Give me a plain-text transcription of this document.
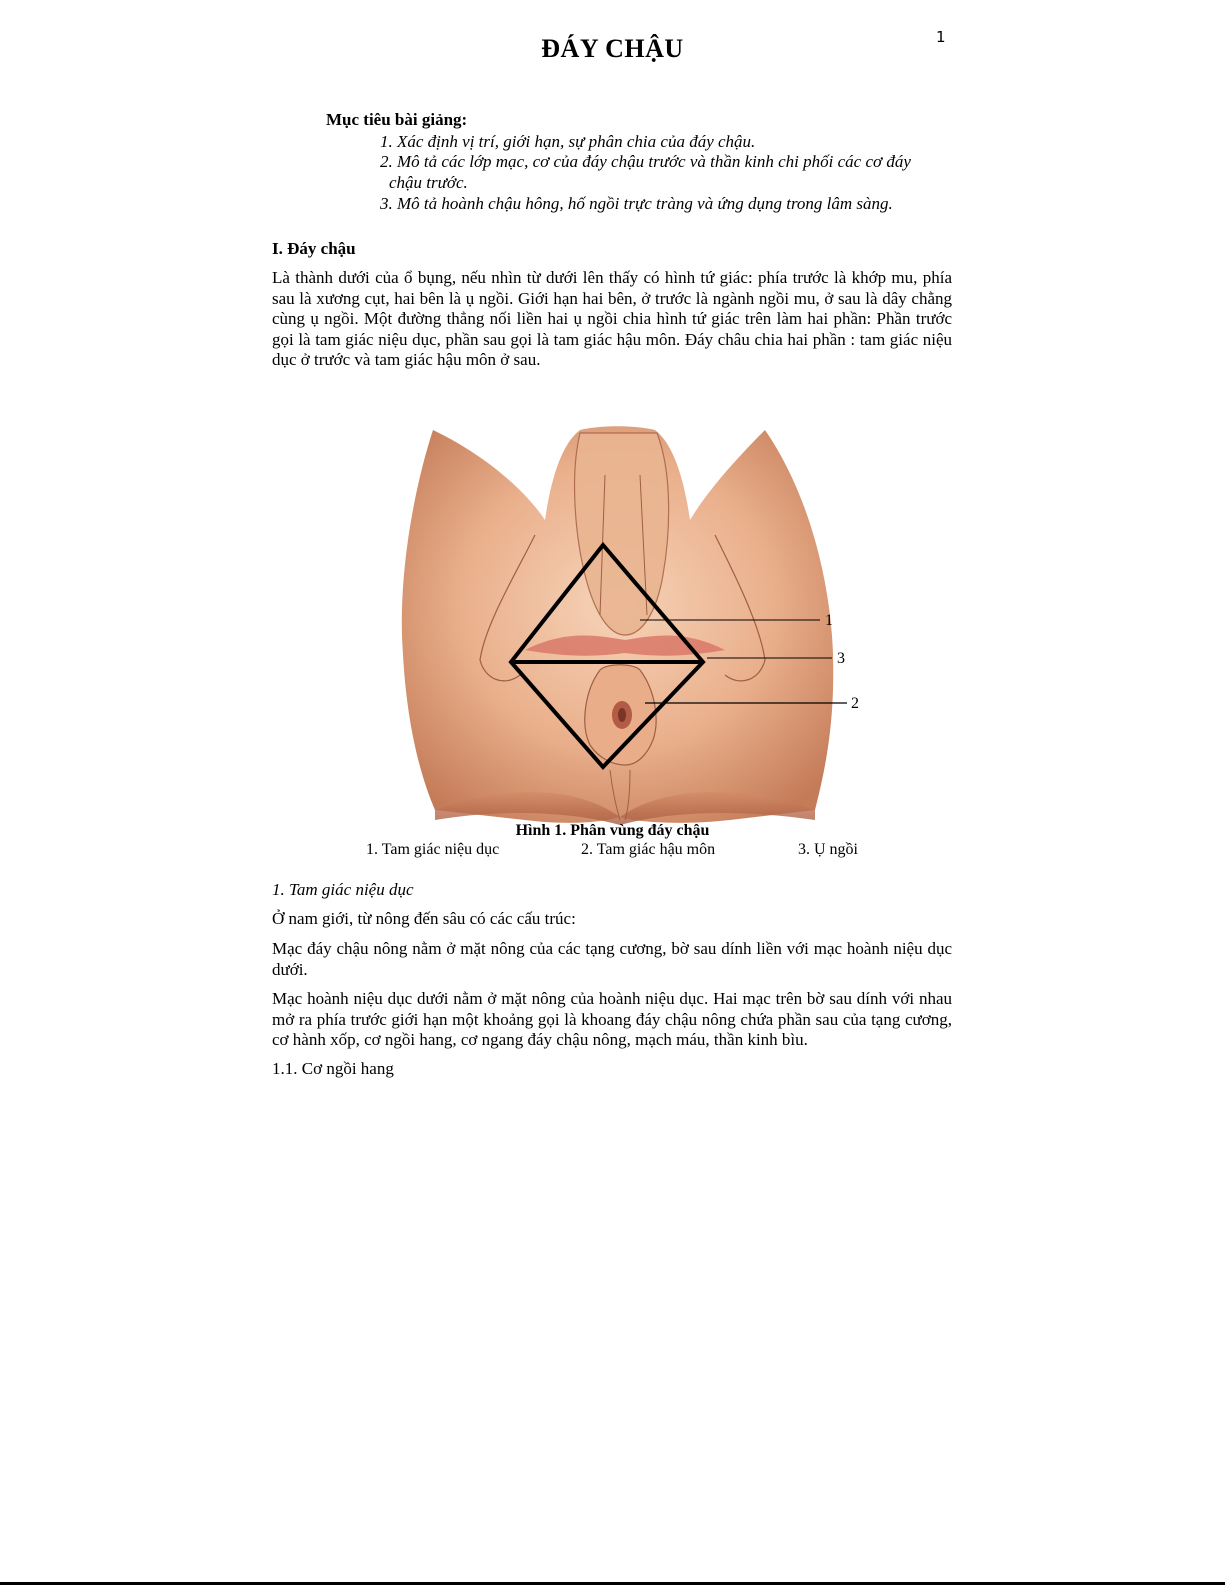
1
ĐÁY CHẬU
Mục tiêu bài giảng:
1. Xác định vị trí, giới hạn, sự phân chia của đáy chậu.
2. Mô tả các lớp mạc, cơ của đáy chậu trước và thần kinh chi phối các cơ đáy
chậu trước.
3. Mô tả hoành chậu hông, hố ngồi trực tràng và ứng dụng trong lâm sàng.
I. Đáy chậu
Là thành dưới của ổ bụng, nếu nhìn từ dưới lên thấy có hình tứ giác: phía trước là khớp mu, phía sau là xương cụt, hai bên là ụ ngồi. Giới hạn hai bên, ở trước là ngành ngồi mu, ở sau là dây chằng cùng ụ ngồi. Một đường thẳng nối liền hai ụ ngồi chia hình tứ giác trên làm hai phần: Phần trước gọi là tam giác niệu dục, phần sau gọi là tam giác hậu môn. Đáy châu chia hai phần : tam giác niệu dục ở trước và tam giác hậu môn ở sau.
1
3
2
Hình 1. Phân vùng đáy chậu
1. Tam giác niệu dục	2. Tam giác hậu môn	3. Ụ ngồi
1. Tam giác niệu dục
Ở nam giới, từ nông đến sâu có các cấu trúc:
Mạc đáy chậu nông nằm ở mặt nông của các tạng cương, bờ sau dính liền với mạc hoành niệu dục dưới.
Mạc hoành niệu dục dưới nằm ở mặt nông của hoành niệu dục. Hai mạc trên bờ sau dính với nhau mở ra phía trước giới hạn một khoảng gọi là khoang đáy chậu nông chứa phần sau của tạng cương, cơ hành xốp, cơ ngồi hang, cơ ngang đáy chậu nông, mạch máu, thần kinh bìu.
1.1. Cơ ngồi hang
